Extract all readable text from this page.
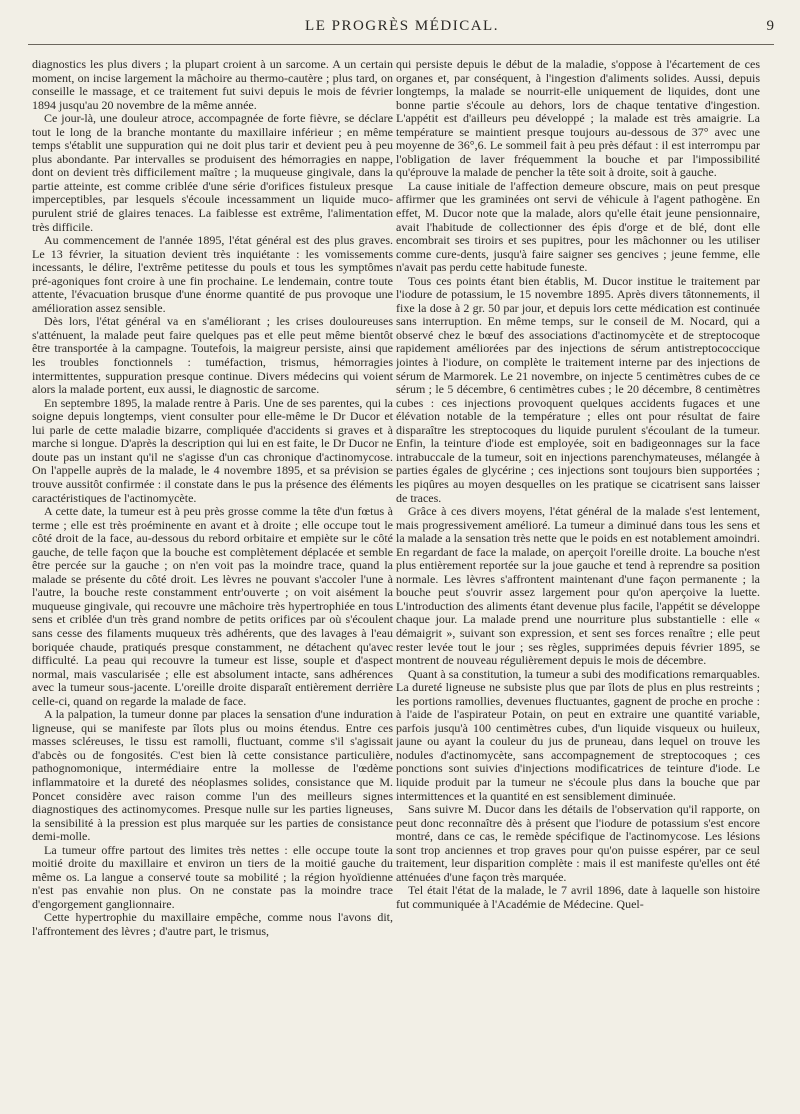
LE PROGRÈS MÉDICAL.	9

diagnostics les plus divers ; la plupart croient à un sarcome. A un certain moment, on incise largement la mâchoire au thermo-cautère ; plus tard, on conseille le massage, et ce traitement fut suivi depuis le mois de février 1894 jusqu'au 20 novembre de la même année.

Ce jour-là, une douleur atroce, accompagnée de forte fièvre, se déclare tout le long de la branche montante du maxillaire inférieur ; en même temps s'établit une suppuration qui ne doit plus tarir et devient peu à peu plus abondante. Par intervalles se produisent des hémorragies en nappe, dont on devient très difficilement maître ; la muqueuse gingivale, dans la partie atteinte, est comme criblée d'une série d'orifices fistuleux presque imperceptibles, par lesquels s'écoule incessamment un liquide muco-purulent strié de glaires tenaces. La faiblesse est extrême, l'alimentation très difficile.

Au commencement de l'année 1895, l'état général est des plus graves. Le 13 février, la situation devient très inquiétante : les vomissements incessants, le délire, l'extrême petitesse du pouls et tous les symptômes pré-agoniques font croire à une fin prochaine. Le lendemain, contre toute attente, l'évacuation brusque d'une énorme quantité de pus provoque une amélioration assez sensible.

Dès lors, l'état général va en s'améliorant ; les crises douloureuses s'atténuent, la malade peut faire quelques pas et elle peut même bientôt être transportée à la campagne. Toutefois, la maigreur persiste, ainsi que les troubles fonctionnels : tuméfaction, trismus, hémorragies intermittentes, suppuration presque continue. Divers médecins qui voient alors la malade portent, eux aussi, le diagnostic de sarcome.

En septembre 1895, la malade rentre à Paris. Une de ses parentes, qui la soigne depuis longtemps, vient consulter pour elle-même le Dr Ducor et lui parle de cette maladie bizarre, compliquée d'accidents si graves et à marche si longue. D'après la description qui lui en est faite, le Dr Ducor ne doute pas un instant qu'il ne s'agisse d'un cas chronique d'actinomycose. On l'appelle auprès de la malade, le 4 novembre 1895, et sa prévision se trouve aussitôt confirmée : il constate dans le pus la présence des éléments caractéristiques de l'actinomycète.

A cette date, la tumeur est à peu près grosse comme la tête d'un fœtus à terme ; elle est très proéminente en avant et à droite ; elle occupe tout le côté droit de la face, au-dessous du rebord orbitaire et empiète sur le côté gauche, de telle façon que la bouche est complètement déplacée et semble être percée sur la gauche ; on n'en voit pas la moindre trace, quand la malade se présente du côté droit. Les lèvres ne pouvant s'accoler l'une à l'autre, la bouche reste constamment entr'ouverte ; on voit aisément la muqueuse gingivale, qui recouvre une mâchoire très hypertrophiée en tous sens et criblée d'un très grand nombre de petits orifices par où s'écoulent sans cesse des filaments muqueux très adhérents, que des lavages à l'eau boriquée chaude, pratiqués presque constamment, ne détachent qu'avec difficulté. La peau qui recouvre la tumeur est lisse, souple et d'aspect normal, mais vascularisée ; elle est absolument intacte, sans adhérences avec la tumeur sous-jacente. L'oreille droite disparaît entièrement derrière celle-ci, quand on regarde la malade de face.

A la palpation, la tumeur donne par places la sensation d'une induration ligneuse, qui se manifeste par îlots plus ou moins étendus. Entre ces masses scléreuses, le tissu est ramolli, fluctuant, comme s'il s'agissait d'abcès ou de fongosités. C'est bien là cette consistance particulière, pathognomonique, intermédiaire entre la mollesse de l'œdème inflammatoire et la dureté des néoplasmes solides, consistance que M. Poncet considère avec raison comme l'un des meilleurs signes diagnostiques des actinomycomes. Presque nulle sur les parties ligneuses, la sensibilité à la pression est plus marquée sur les parties de consistance demi-molle.

La tumeur offre partout des limites très nettes : elle occupe toute la moitié droite du maxillaire et environ un tiers de la moitié gauche du même os. La langue a conservé toute sa mobilité ; la région hyoïdienne n'est pas envahie non plus. On ne constate pas la moindre trace d'engorgement ganglionnaire.

Cette hypertrophie du maxillaire empêche, comme nous l'avons dit, l'affrontement des lèvres ; d'autre part, le trismus,

qui persiste depuis le début de la maladie, s'oppose à l'écartement de ces organes et, par conséquent, à l'ingestion d'aliments solides. Aussi, depuis longtemps, la malade se nourrit-elle uniquement de liquides, dont une bonne partie s'écoule au dehors, lors de chaque tentative d'ingestion. L'appétit est d'ailleurs peu développé ; la malade est très amaigrie. La température se maintient presque toujours au-dessous de 37° avec une moyenne de 36°,6. Le sommeil fait à peu près défaut : il est interrompu par l'obligation de laver fréquemment la bouche et par l'impossibilité qu'éprouve la malade de pencher la tête soit à droite, soit à gauche.

La cause initiale de l'affection demeure obscure, mais on peut presque affirmer que les graminées ont servi de véhicule à l'agent pathogène. En effet, M. Ducor note que la malade, alors qu'elle était jeune pensionnaire, avait l'habitude de collectionner des épis d'orge et de blé, dont elle encombrait ses tiroirs et ses pupitres, pour les mâchonner ou les utiliser comme cure-dents, jusqu'à faire saigner ses gencives ; jeune femme, elle n'avait pas perdu cette habitude funeste.

Tous ces points étant bien établis, M. Ducor institue le traitement par l'iodure de potassium, le 15 novembre 1895. Après divers tâtonnements, il fixe la dose à 2 gr. 50 par jour, et depuis lors cette médication est continuée sans interruption. En même temps, sur le conseil de M. Nocard, qui a observé chez le bœuf des associations d'actinomycète et de streptocoque rapidement améliorées par des injections de sérum antistreptococcique jointes à l'iodure, on complète le traitement interne par des injections de sérum de Marmorek. Le 21 novembre, on injecte 5 centimètres cubes de ce sérum ; le 5 décembre, 6 centimètres cubes ; le 20 décembre, 8 centimètres cubes : ces injections provoquent quelques accidents fugaces et une élévation notable de la température ; elles ont pour résultat de faire disparaître les streptocoques du liquide purulent s'écoulant de la tumeur. Enfin, la teinture d'iode est employée, soit en badigeonnages sur la face intrabuccale de la tumeur, soit en injections parenchymateuses, mélangée à parties égales de glycérine ; ces injections sont toujours bien supportées ; les piqûres au moyen desquelles on les pratique se cicatrisent sans laisser de traces.

Grâce à ces divers moyens, l'état général de la malade s'est lentement, mais progressivement amélioré. La tumeur a diminué dans tous les sens et la malade a la sensation très nette que le poids en est notablement amoindri. En regardant de face la malade, on aperçoit l'oreille droite. La bouche n'est plus entièrement reportée sur la joue gauche et tend à reprendre sa position normale. Les lèvres s'affrontent maintenant d'une façon permanente ; la bouche peut s'ouvrir assez largement pour qu'on aperçoive la luette. L'introduction des aliments étant devenue plus facile, l'appétit se développe chaque jour. La malade prend une nourriture plus substantielle : elle « démaigrit », suivant son expression, et sent ses forces renaître ; elle peut rester levée tout le jour ; ses règles, supprimées depuis février 1895, se montrent de nouveau régulièrement depuis le mois de décembre.

Quant à sa constitution, la tumeur a subi des modifications remarquables. La dureté ligneuse ne subsiste plus que par îlots de plus en plus restreints ; les portions ramollies, devenues fluctuantes, gagnent de proche en proche : à l'aide de l'aspirateur Potain, on peut en extraire une quantité variable, parfois jusqu'à 100 centimètres cubes, d'un liquide visqueux ou huileux, jaune ou ayant la couleur du jus de pruneau, dans lequel on trouve les nodules d'actinomycète, sans accompagnement de streptocoques ; ces ponctions sont suivies d'injections modificatrices de teinture d'iode. Le liquide produit par la tumeur ne s'écoule plus dans la bouche que par intermittences et la quantité en est sensiblement diminuée.

Sans suivre M. Ducor dans les détails de l'observation qu'il rapporte, on peut donc reconnaître dès à présent que l'iodure de potassium s'est encore montré, dans ce cas, le remède spécifique de l'actinomycose. Les lésions sont trop anciennes et trop graves pour qu'on puisse espérer, par ce seul traitement, leur disparition complète : mais il est manifeste qu'elles ont été atténuées d'une façon très marquée.

Tel était l'état de la malade, le 7 avril 1896, date à laquelle son histoire fut communiquée à l'Académie de Médecine. Quel-
